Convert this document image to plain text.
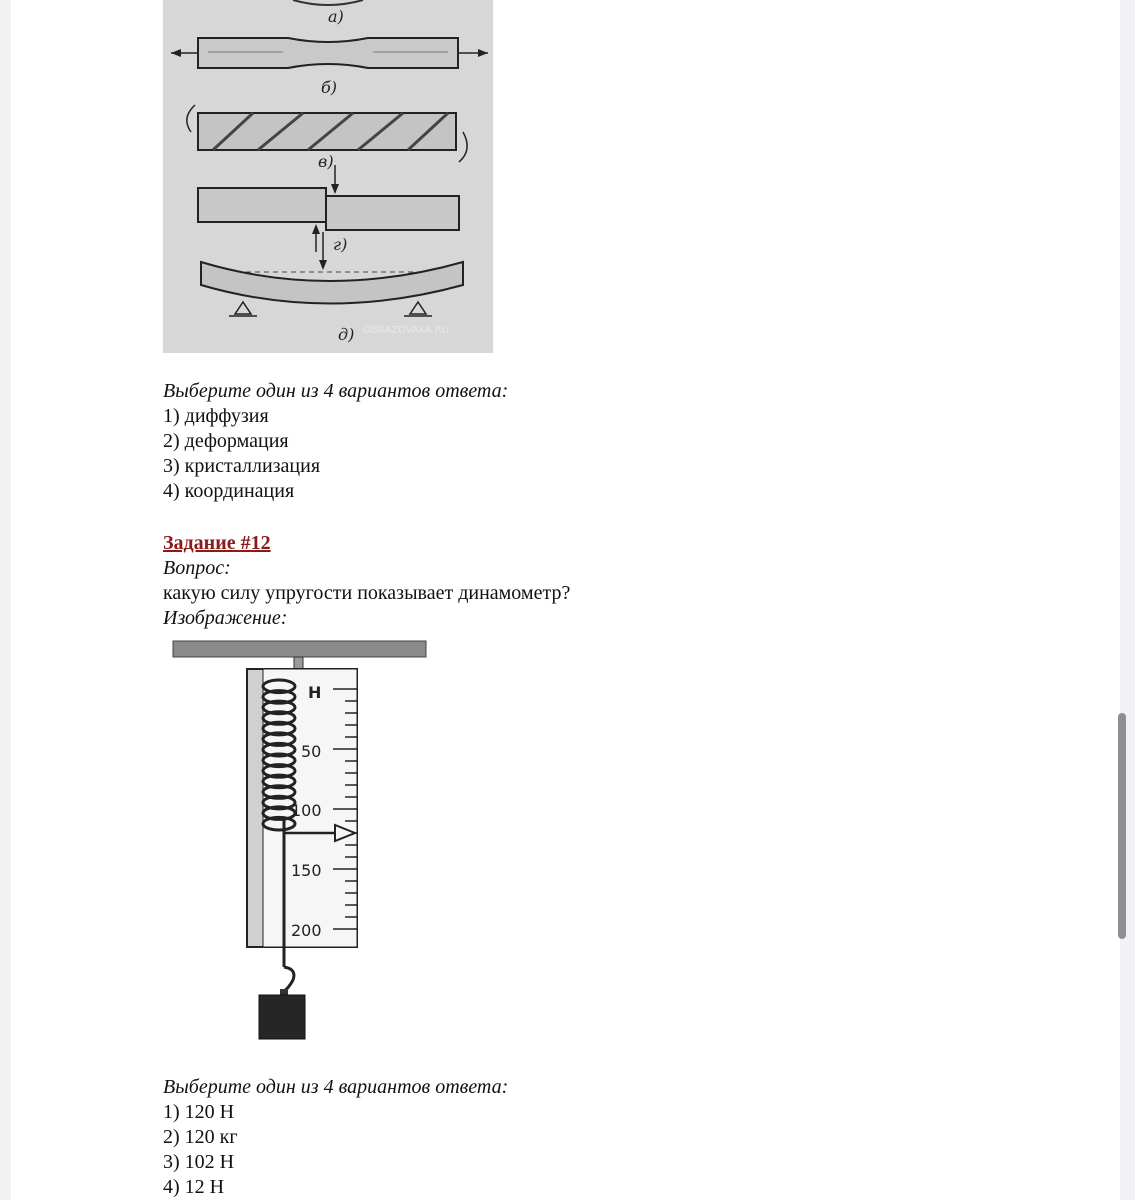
а)
б)
в)
г)
д) OBRAZOVAKA.RU
Выберите один из 4 вариантов ответа:
1) диффузия
2) деформация
3) кристаллизация
4) координация
Задание #12
Вопрос:
какую силу упругости показывает динамометр?
Изображение:
Н
50
100
150
200
Выберите один из 4 вариантов ответа:
1) 120 Н
2) 120 кг
3) 102 Н
4) 12 Н
